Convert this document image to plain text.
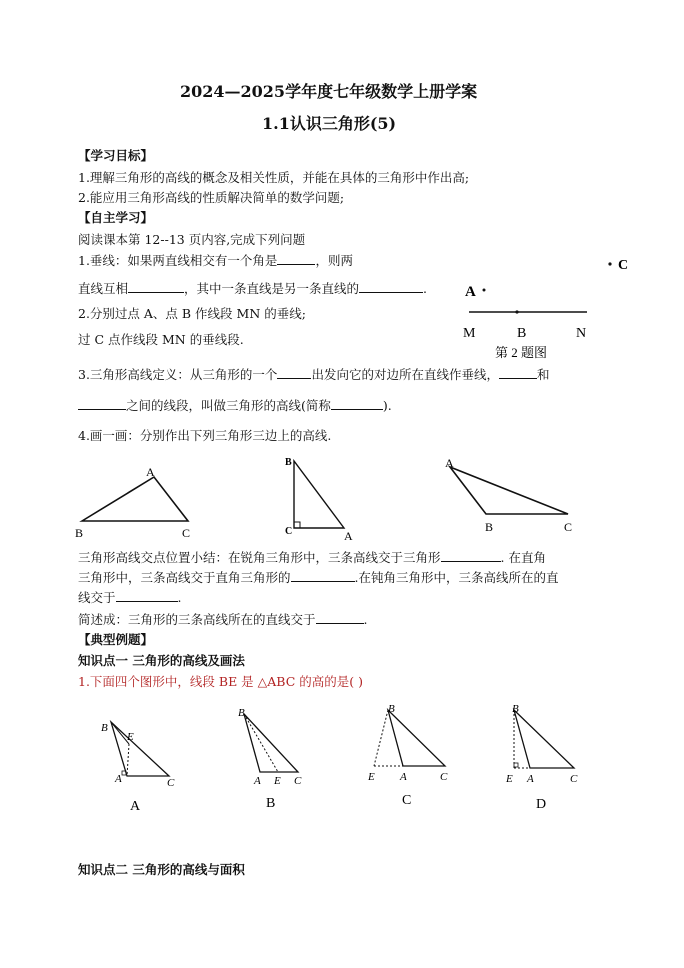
2024—2025学年度七年级数学上册学案
1.1认识三角形(5)
【学习目标】
1.理解三角形的高线的概念及相关性质，并能在具体的三角形中作出高;
2.能应用三角形高线的性质解决简单的数学问题;
【自主学习】
阅读课本第 12--13 页内容,完成下列问题
1.垂线：如果两直线相交有一个角是	，则两
直线互相	，其中一条直线是另一条直线的	.
2.分别过点 A、点 B 作线段 MN 的垂线;
过 C 点作线段 MN 的垂线段.
C
A
M	B	N
第 2 题图
3.三角形高线定义：从三角形的一个	出发向它的对边所在直线作垂线，	和
之间的线段，叫做三角形的高线(简称	).
4.画一画：分别作出下列三角形三边上的高线.
A
B	C
B
C	A
A
B	C
三角形高线交点位置小结：在锐角三角形中，三条高线交于三角形	. 在直角
三角形中，三条高线交于直角三角形的	.在钝角三角形中，三条高线所在的直
线交于	.
简述成：三角形的三条高线所在的直线交于	.
【典型例题】
知识点一 三角形的高线及画法
1.下面四个图形中，线段 BE 是 △ABC 的高的是( )
B
E
A	C
A
B
A E C
B
B
E A	C
C
B
E A	C
D
知识点二 三角形的高线与面积
